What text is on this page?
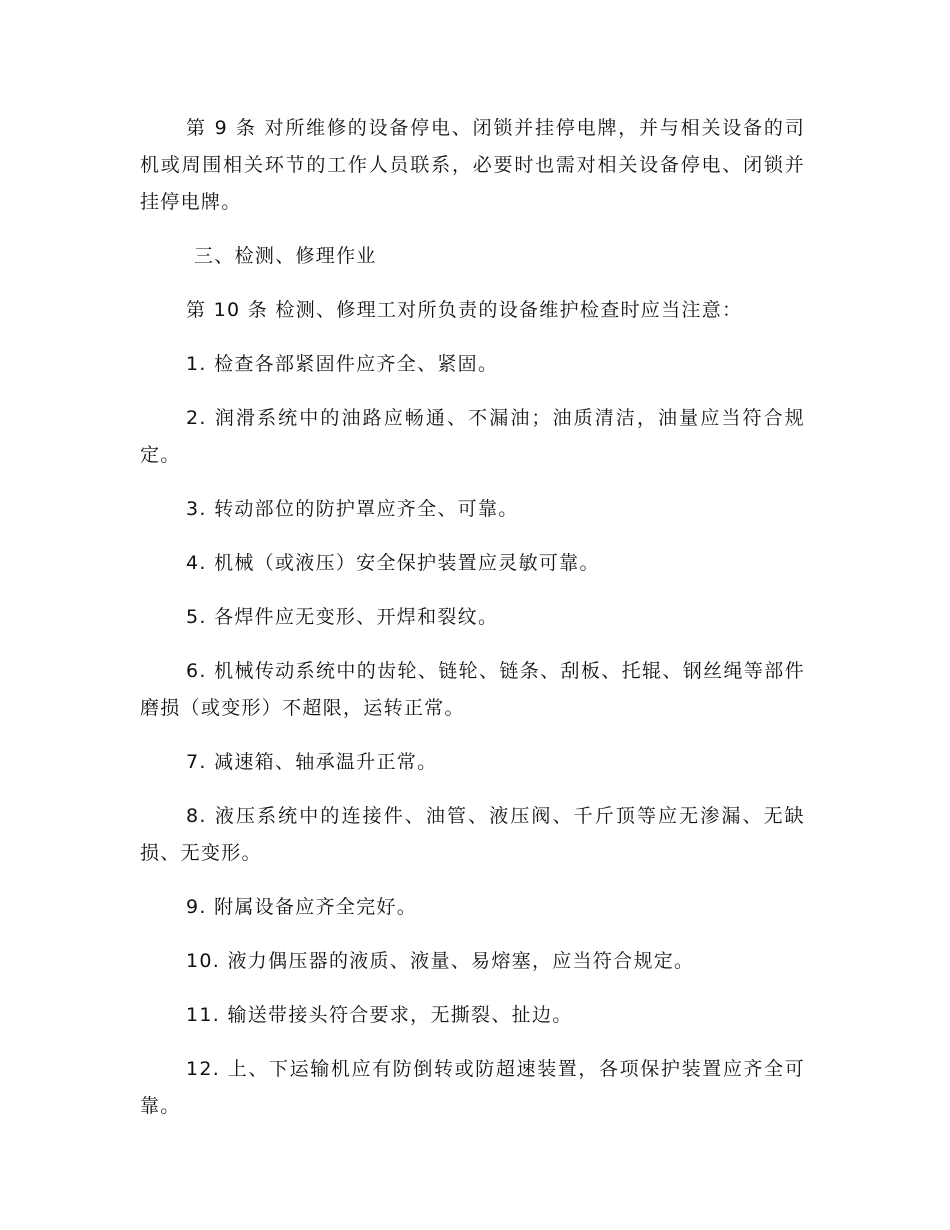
第 9 条 对所维修的设备停电、闭锁并挂停电牌，并与相关设备的司机或周围相关环节的工作人员联系，必要时也需对相关设备停电、闭锁并挂停电牌。

三、检测、修理作业

第 10 条 检测、修理工对所负责的设备维护检查时应当注意：

1. 检查各部紧固件应齐全、紧固。

2. 润滑系统中的油路应畅通、不漏油；油质清洁，油量应当符合规定。

3. 转动部位的防护罩应齐全、可靠。

4. 机械（或液压）安全保护装置应灵敏可靠。

5. 各焊件应无变形、开焊和裂纹。

6. 机械传动系统中的齿轮、链轮、链条、刮板、托辊、钢丝绳等部件磨损（或变形）不超限，运转正常。

7. 减速箱、轴承温升正常。

8. 液压系统中的连接件、油管、液压阀、千斤顶等应无渗漏、无缺损、无变形。

9. 附属设备应齐全完好。

10. 液力偶压器的液质、液量、易熔塞，应当符合规定。

11. 输送带接头符合要求，无撕裂、扯边。

12. 上、下运输机应有防倒转或防超速装置，各项保护装置应齐全可靠。
